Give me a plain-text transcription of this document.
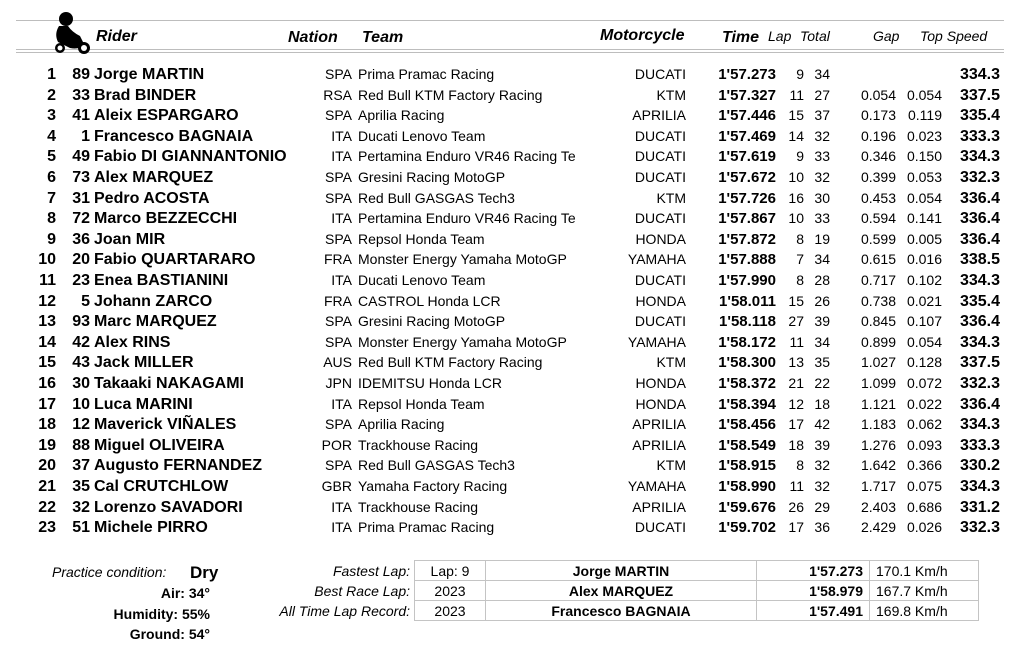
Rider	Nation Team	Motorcycle Time Lap Total	Gap Top Speed
1	89 Jorge MARTIN	SPA Prima Pramac Racing	DUCATI	1'57.273	9 34	334.3
2	33 Brad BINDER	RSA Red Bull KTM Factory Racing	KTM	1'57.327 11 27	0.054 0.054	337.5
3	41 Aleix ESPARGARO	SPA Aprilia Racing	APRILIA	1'57.446 15 37	0.173 0.119	335.4
4	1 Francesco BAGNAIA	ITA Ducati Lenovo Team	DUCATI	1'57.469 14 32	0.196 0.023	333.3
5	49 Fabio DI GIANNANTONIO	ITA Pertamina Enduro VR46 Racing Te	DUCATI	1'57.619	9 33	0.346 0.150	334.3
6	73 Alex MARQUEZ	SPA Gresini Racing MotoGP	DUCATI	1'57.672 10 32	0.399 0.053	332.3
7	31 Pedro ACOSTA	SPA Red Bull GASGAS Tech3	KTM	1'57.726 16 30	0.453 0.054	336.4
8	72 Marco BEZZECCHI	ITA Pertamina Enduro VR46 Racing Te	DUCATI	1'57.867 10 33	0.594 0.141	336.4
9	36 Joan MIR	SPA Repsol Honda Team	HONDA	1'57.872	8 19	0.599 0.005	336.4
10	20 Fabio QUARTARARO	FRA Monster Energy Yamaha MotoGP	YAMAHA	1'57.888	7 34	0.615 0.016	338.5
11	23 Enea BASTIANINI	ITA Ducati Lenovo Team	DUCATI	1'57.990	8 28	0.717 0.102	334.3
12	5 Johann ZARCO	FRA CASTROL Honda LCR	HONDA	1'58.011 15 26	0.738 0.021	335.4
13	93 Marc MARQUEZ	SPA Gresini Racing MotoGP	DUCATI	1'58.118 27 39	0.845 0.107	336.4
14	42 Alex RINS	SPA Monster Energy Yamaha MotoGP	YAMAHA	1'58.172 11 34	0.899 0.054	334.3
15	43 Jack MILLER	AUS Red Bull KTM Factory Racing	KTM	1'58.300 13 35	1.027 0.128	337.5
16	30 Takaaki NAKAGAMI	JPN IDEMITSU Honda LCR	HONDA	1'58.372 21 22	1.099 0.072	332.3
17	10 Luca MARINI	ITA Repsol Honda Team	HONDA	1'58.394 12 18	1.121 0.022	336.4
18	12 Maverick VIÑALES	SPA Aprilia Racing	APRILIA	1'58.456 17 42	1.183 0.062	334.3
19	88 Miguel OLIVEIRA	POR Trackhouse Racing	APRILIA	1'58.549 18 39	1.276 0.093	333.3
20	37 Augusto FERNANDEZ	SPA Red Bull GASGAS Tech3	KTM	1'58.915	8 32	1.642 0.366	330.2
21	35 Cal CRUTCHLOW	GBR Yamaha Factory Racing	YAMAHA	1'58.990 11 32	1.717 0.075	334.3
22	32 Lorenzo SAVADORI	ITA Trackhouse Racing	APRILIA	1'59.676 26 29	2.403 0.686	331.2
23	51 Michele PIRRO	ITA Prima Pramac Racing	DUCATI	1'59.702 17 36	2.429 0.026	332.3
Practice condition: Dry
Air: 34°
Humidity: 55%
Ground: 54°
Fastest Lap:	Lap: 9	Jorge MARTIN	1'57.273	170.1 Km/h
Best Race Lap:	2023	Alex MARQUEZ	1'58.979	167.7 Km/h
All Time Lap Record:	2023	Francesco BAGNAIA	1'57.491	169.8 Km/h
